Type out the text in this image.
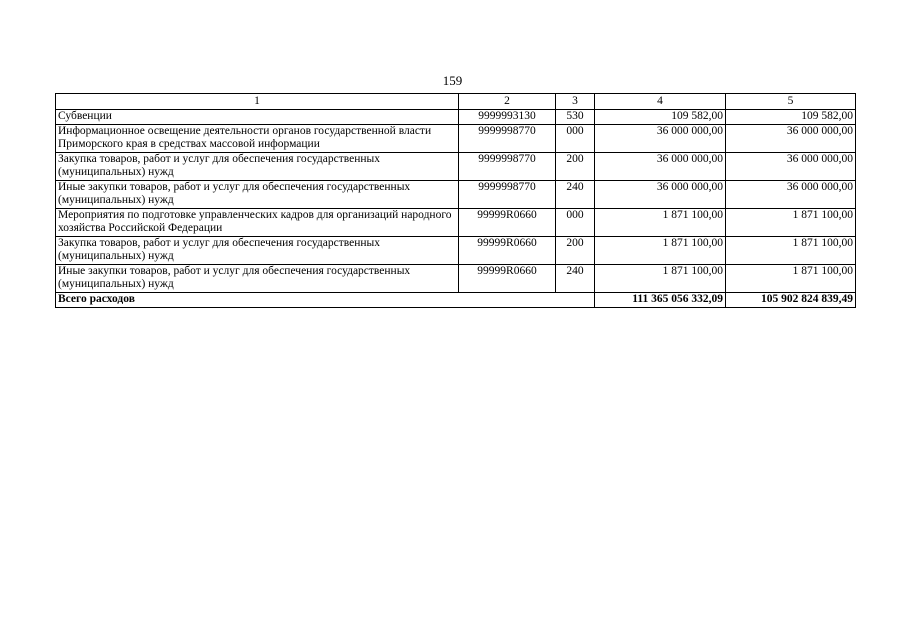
159
1	2	3	4	5
Субвенции	9999993130	530	109 582,00	109 582,00
Информационное освещение деятельности органов государственной власти Приморского края в средствах массовой информации	9999998770	000	36 000 000,00	36 000 000,00
Закупка товаров, работ и услуг для обеспечения государственных (муниципальных) нужд	9999998770	200	36 000 000,00	36 000 000,00
Иные закупки товаров, работ и услуг для обеспечения государственных (муниципальных) нужд	9999998770	240	36 000 000,00	36 000 000,00
Мероприятия по подготовке управленческих кадров для организаций народного хозяйства Российской Федерации	99999R0660	000	1 871 100,00	1 871 100,00
Закупка товаров, работ и услуг для обеспечения государственных (муниципальных) нужд	99999R0660	200	1 871 100,00	1 871 100,00
Иные закупки товаров, работ и услуг для обеспечения государственных (муниципальных) нужд	99999R0660	240	1 871 100,00	1 871 100,00
Всего расходов			111 365 056 332,09	105 902 824 839,49
